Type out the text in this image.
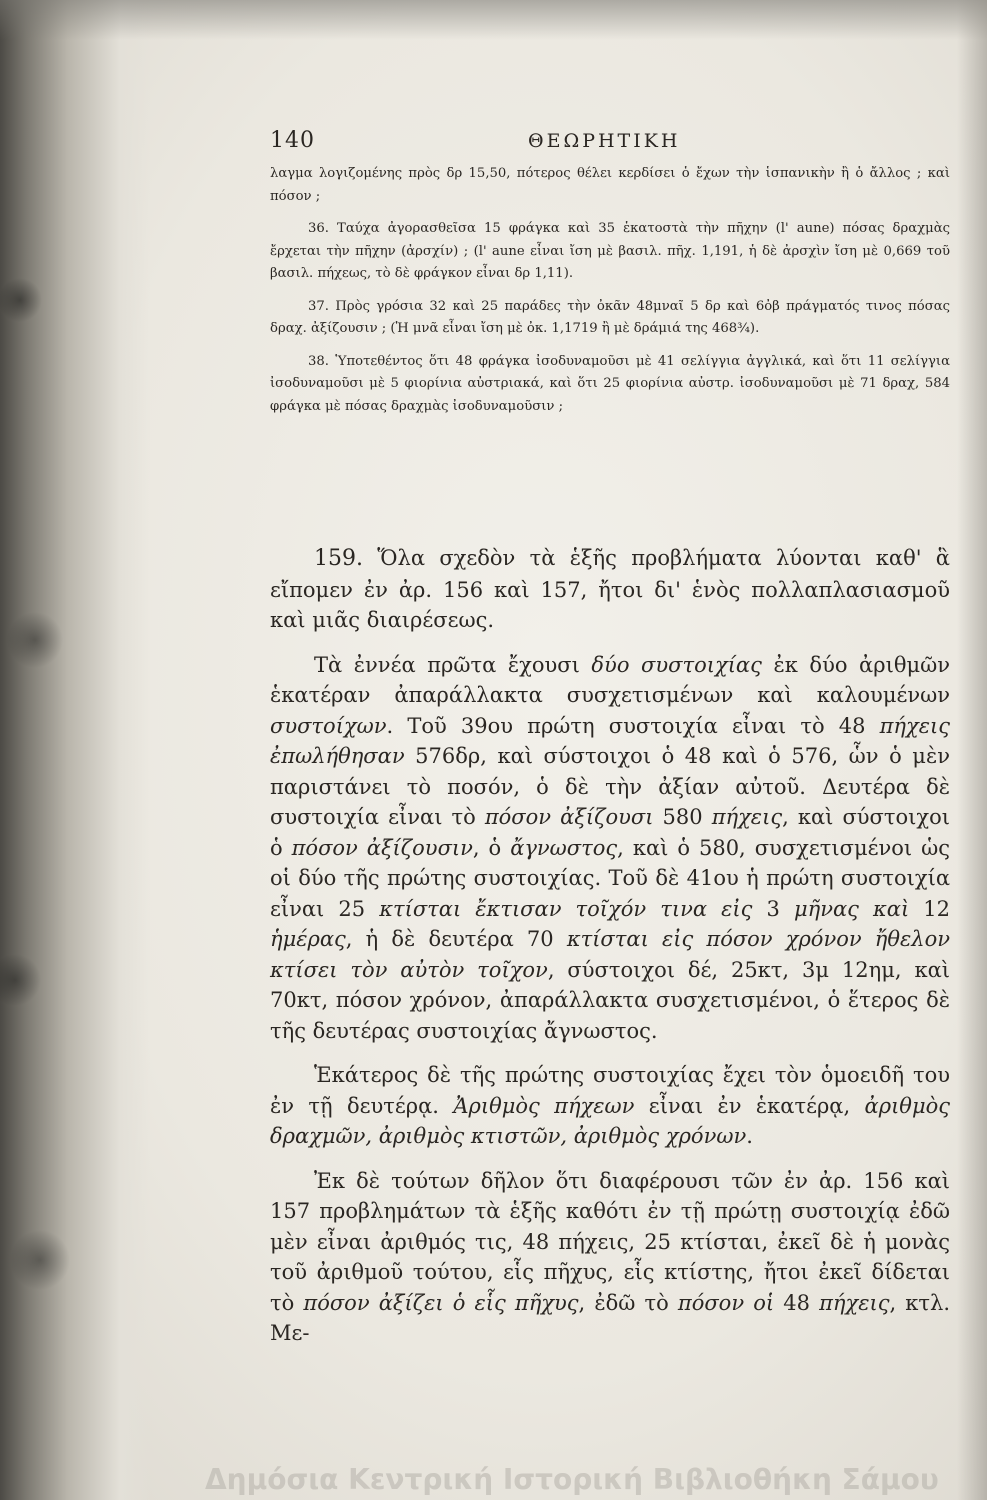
140	ΘΕΩΡΗΤΙΚΗ

λαγμα λογιζομένης πρὸς δρ 15,50, πότερος θέλει κερδίσει ὁ ἔχων τὴν ἱσπανικὴν ἢ ὁ ἄλλος ; καὶ πόσον ;

36. Ταύχα ἀγορασθεῖσα 15 φράγκα καὶ 35 ἑκατοστὰ τὴν πῆχην (l' aune) πόσας δραχμὰς ἔρχεται τὴν πῆχην (ἀρσχίν) ; (l' aune εἶναι ἴση μὲ βασιλ. πῆχ. 1,191, ἡ δὲ ἀρσχὶν ἴση μὲ 0,669 τοῦ βασιλ. πήχεως, τὸ δὲ φράγκον εἶναι δρ 1,11).

37. Πρὸς γρόσια 32 καὶ 25 παράδες τὴν ὀκᾶν 48μναῖ 5 δρ καὶ 6ὀβ πράγματός τινος πόσας δραχ. ἀξίζουσιν ; (Ἡ μνᾶ εἶναι ἴση μὲ ὀκ. 1,1719 ἢ μὲ δράμιά της 468¾).

38. Ὑποτεθέντος ὅτι 48 φράγκα ἰσοδυναμοῦσι μὲ 41 σελίγγια ἀγγλικά, καὶ ὅτι 11 σελίγγια ἰσοδυναμοῦσι μὲ 5 φιορίνια αὐστριακά, καὶ ὅτι 25 φιορίνια αὐστρ. ἰσοδυναμοῦσι μὲ 71 δραχ, 584 φράγκα μὲ πόσας δραχμὰς ἰσοδυναμοῦσιν ;

159. Ὅλα σχεδὸν τὰ ἑξῆς προβλήματα λύονται καθ' ἃ εἴπομεν ἐν ἀρ. 156 καὶ 157, ἤτοι δι' ἑνὸς πολλαπλασιασμοῦ καὶ μιᾶς διαιρέσεως.

Τὰ ἐννέα πρῶτα ἔχουσι δύο συστοιχίας ἐκ δύο ἀριθμῶν ἑκατέραν ἀπαράλλακτα συσχετισμένων καὶ καλουμένων συστοίχων. Τοῦ 39ου πρώτη συστοιχία εἶναι τὸ 48 πήχεις ἐπωλήθησαν 576δρ, καὶ σύστοιχοι ὁ 48 καὶ ὁ 576, ὧν ὁ μὲν παριστάνει τὸ ποσόν, ὁ δὲ τὴν ἀξίαν αὐτοῦ. Δευτέρα δὲ συστοιχία εἶναι τὸ πόσον ἀξίζουσι 580 πήχεις, καὶ σύστοιχοι ὁ πόσον ἀξίζουσιν, ὁ ἄγνωστος, καὶ ὁ 580, συσχετισμένοι ὡς οἱ δύο τῆς πρώτης συστοιχίας. Τοῦ δὲ 41ου ἡ πρώτη συστοιχία εἶναι 25 κτίσται ἔκτισαν τοῖχόν τινα εἰς 3 μῆνας καὶ 12 ἡμέρας, ἡ δὲ δευτέρα 70 κτίσται εἰς πόσον χρόνον ἤθελον κτίσει τὸν αὐτὸν τοῖχον, σύστοιχοι δέ, 25κτ, 3μ 12ημ, καὶ 70κτ, πόσον χρόνον, ἀπαράλλακτα συσχετισμένοι, ὁ ἕτερος δὲ τῆς δευτέρας συστοιχίας ἄγνωστος.

Ἑκάτερος δὲ τῆς πρώτης συστοιχίας ἔχει τὸν ὁμοειδῆ του ἐν τῇ δευτέρᾳ. Ἀριθμὸς πήχεων εἶναι ἐν ἑκατέρᾳ, ἀριθμὸς δραχμῶν, ἀριθμὸς κτιστῶν, ἀριθμὸς χρόνων.

Ἐκ δὲ τούτων δῆλον ὅτι διαφέρουσι τῶν ἐν ἀρ. 156 καὶ 157 προβλημάτων τὰ ἑξῆς καθότι ἐν τῇ πρώτῃ συστοιχίᾳ ἐδῶ μὲν εἶναι ἀριθμός τις, 48 πήχεις, 25 κτίσται, ἐκεῖ δὲ ἡ μονὰς τοῦ ἀριθμοῦ τούτου, εἷς πῆχυς, εἷς κτίστης, ἤτοι ἐκεῖ δίδεται τὸ πόσον ἀξίζει ὁ εἷς πῆχυς, ἐδῶ τὸ πόσον οἱ 48 πήχεις, κτλ. Με-

Δημόσια Κεντρική Ιστορική Βιβλιοθήκη Σάμου
